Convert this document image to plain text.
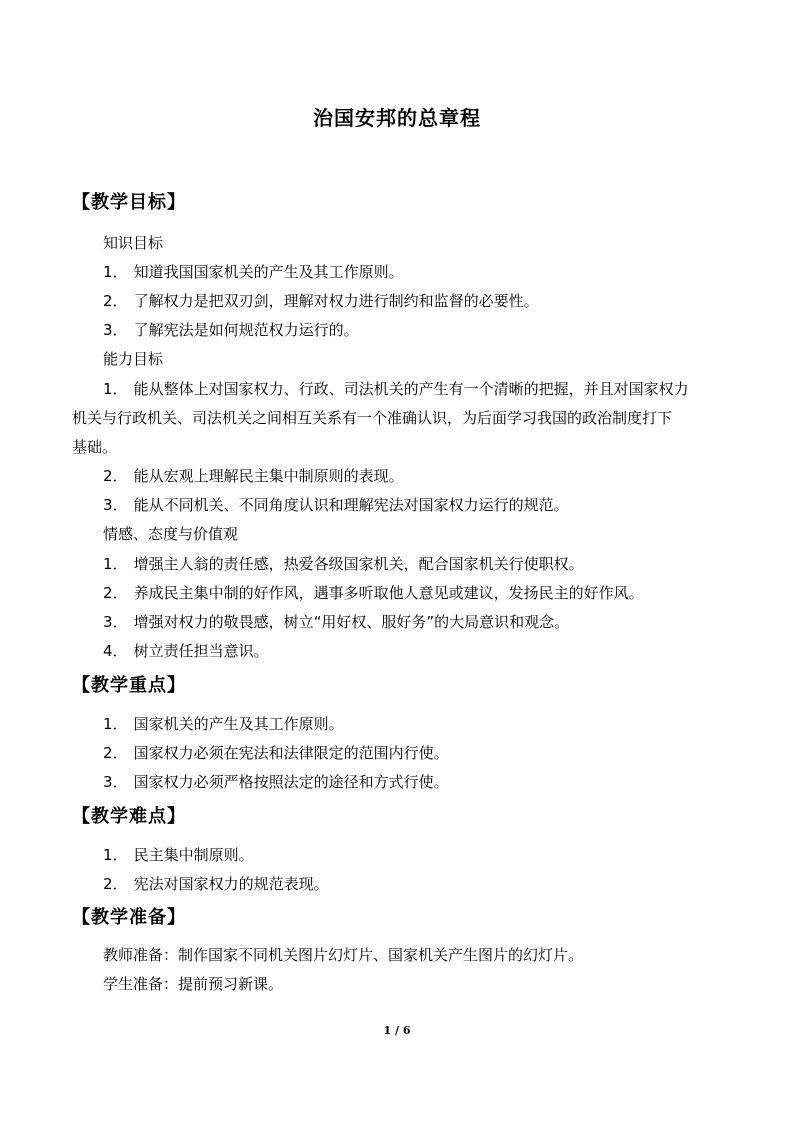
治国安邦的总章程
【教学目标】
知识目标
1 ． 知道我国国家机关的产生及其工作原则。
2 ． 了解权力是把双刃剑，理解对权力进行制约和监督的必要性。
3 ． 了解宪法是如何规范权力运行的。
能力目标
1 ． 能从整体上对国家权力、行政、司法机关的产生有一个清晰的把握，并且对国家权力
机关与行政机关、司法机关之间相互关系有一个准确认识，为后面学习我国的政治制度打下
基础。
2 ． 能从宏观上理解民主集中制原则的表现。
3 ． 能从不同机关、不同角度认识和理解宪法对国家权力运行的规范。
情感、态度与价值观
1 ． 增强主人翁的责任感，热爱各级国家机关，配合国家机关行使职权。
2 ． 养成民主集中制的好作风，遇事多听取他人意见或建议，发扬民主的好作风。
3 ． 增强对权力的敬畏感，树立“用好权、服好务”的大局意识和观念。
4 ． 树立责任担当意识。
【教学重点】
1 ． 国家机关的产生及其工作原则。
2 ． 国家权力必须在宪法和法律限定的范围内行使。
3 ． 国家权力必须严格按照法定的途径和方式行使。
【教学难点】
1 ． 民主集中制原则。
2 ． 宪法对国家权力的规范表现。
【教学准备】
教师准备：制作国家不同机关图片幻灯片、国家机关产生图片的幻灯片。
学生准备：提前预习新课。
1 / 6
